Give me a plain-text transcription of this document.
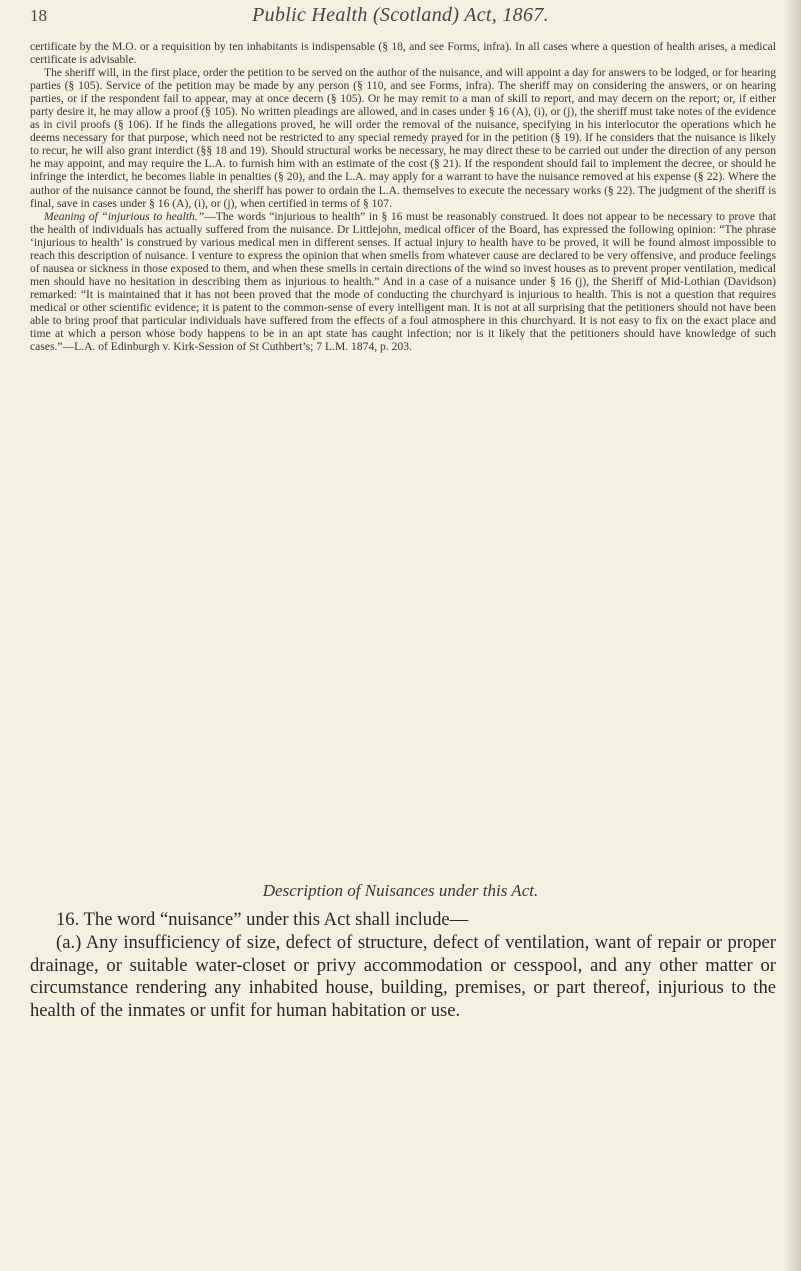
18	Public Health (Scotland) Act, 1867.

certificate by the M.O. or a requisition by ten inhabitants is indispensable (§ 18, and see Forms, infra). In all cases where a question of health arises, a medical certificate is advisable.

The sheriff will, in the first place, order the petition to be served on the author of the nuisance, and will appoint a day for answers to be lodged, or for hearing parties (§ 105). Service of the petition may be made by any person (§ 110, and see Forms, infra). The sheriff may on considering the answers, or on hearing parties, or if the respondent fail to appear, may at once decern (§ 105). Or he may remit to a man of skill to report, and may decern on the report; or, if either party desire it, he may allow a proof (§ 105). No written pleadings are allowed, and in cases under § 16 (A), (i), or (j), the sheriff must take notes of the evidence as in civil proofs (§ 106). If he finds the allegations proved, he will order the removal of the nuisance, specifying in his interlocutor the operations which he deems necessary for that purpose, which need not be restricted to any special remedy prayed for in the petition (§ 19). If he considers that the nuisance is likely to recur, he will also grant interdict (§§ 18 and 19). Should structural works be necessary, he may direct these to be carried out under the direction of any person he may appoint, and may require the L.A. to furnish him with an estimate of the cost (§ 21). If the respondent should fail to implement the decree, or should he infringe the interdict, he becomes liable in penalties (§ 20), and the L.A. may apply for a warrant to have the nuisance removed at his expense (§ 22). Where the author of the nuisance cannot be found, the sheriff has power to ordain the L.A. themselves to execute the necessary works (§ 22). The judgment of the sheriff is final, save in cases under § 16 (A), (i), or (j), when certified in terms of § 107.

Meaning of “injurious to health.”—The words “injurious to health” in § 16 must be reasonably construed. It does not appear to be necessary to prove that the health of individuals has actually suffered from the nuisance. Dr Littlejohn, medical officer of the Board, has expressed the following opinion: “The phrase ‘injurious to health’ is construed by various medical men in different senses. If actual injury to health have to be proved, it will be found almost impossible to reach this description of nuisance. I venture to express the opinion that when smells from whatever cause are declared to be very offensive, and produce feelings of nausea or sickness in those exposed to them, and when these smells in certain directions of the wind so invest houses as to prevent proper ventilation, medical men should have no hesitation in describing them as injurious to health.” And in a case of a nuisance under § 16 (j), the Sheriff of Mid-Lothian (Davidson) remarked: “It is maintained that it has not been proved that the mode of conducting the churchyard is injurious to health. This is not a question that requires medical or other scientific evidence; it is patent to the common-sense of every intelligent man. It is not at all surprising that the petitioners should not have been able to bring proof that particular individuals have suffered from the effects of a foul atmosphere in this churchyard. It is not easy to fix on the exact place and time at which a person whose body happens to be in an apt state has caught infection; nor is it likely that the petitioners should have knowledge of such cases.”—L.A. of Edinburgh v. Kirk-Session of St Cuthbert’s; 7 L.M. 1874, p. 203.

Description of Nuisances under this Act.

16. The word “nuisance” under this Act shall include—

(a.) Any insufficiency of size, defect of structure, defect of ventilation, want of repair or proper drainage, or suitable water-closet or privy accommodation or cesspool, and any other matter or circumstance rendering any inhabited house, building, premises, or part thereof, injurious to the health of the inmates or unfit for human habitation or use.
